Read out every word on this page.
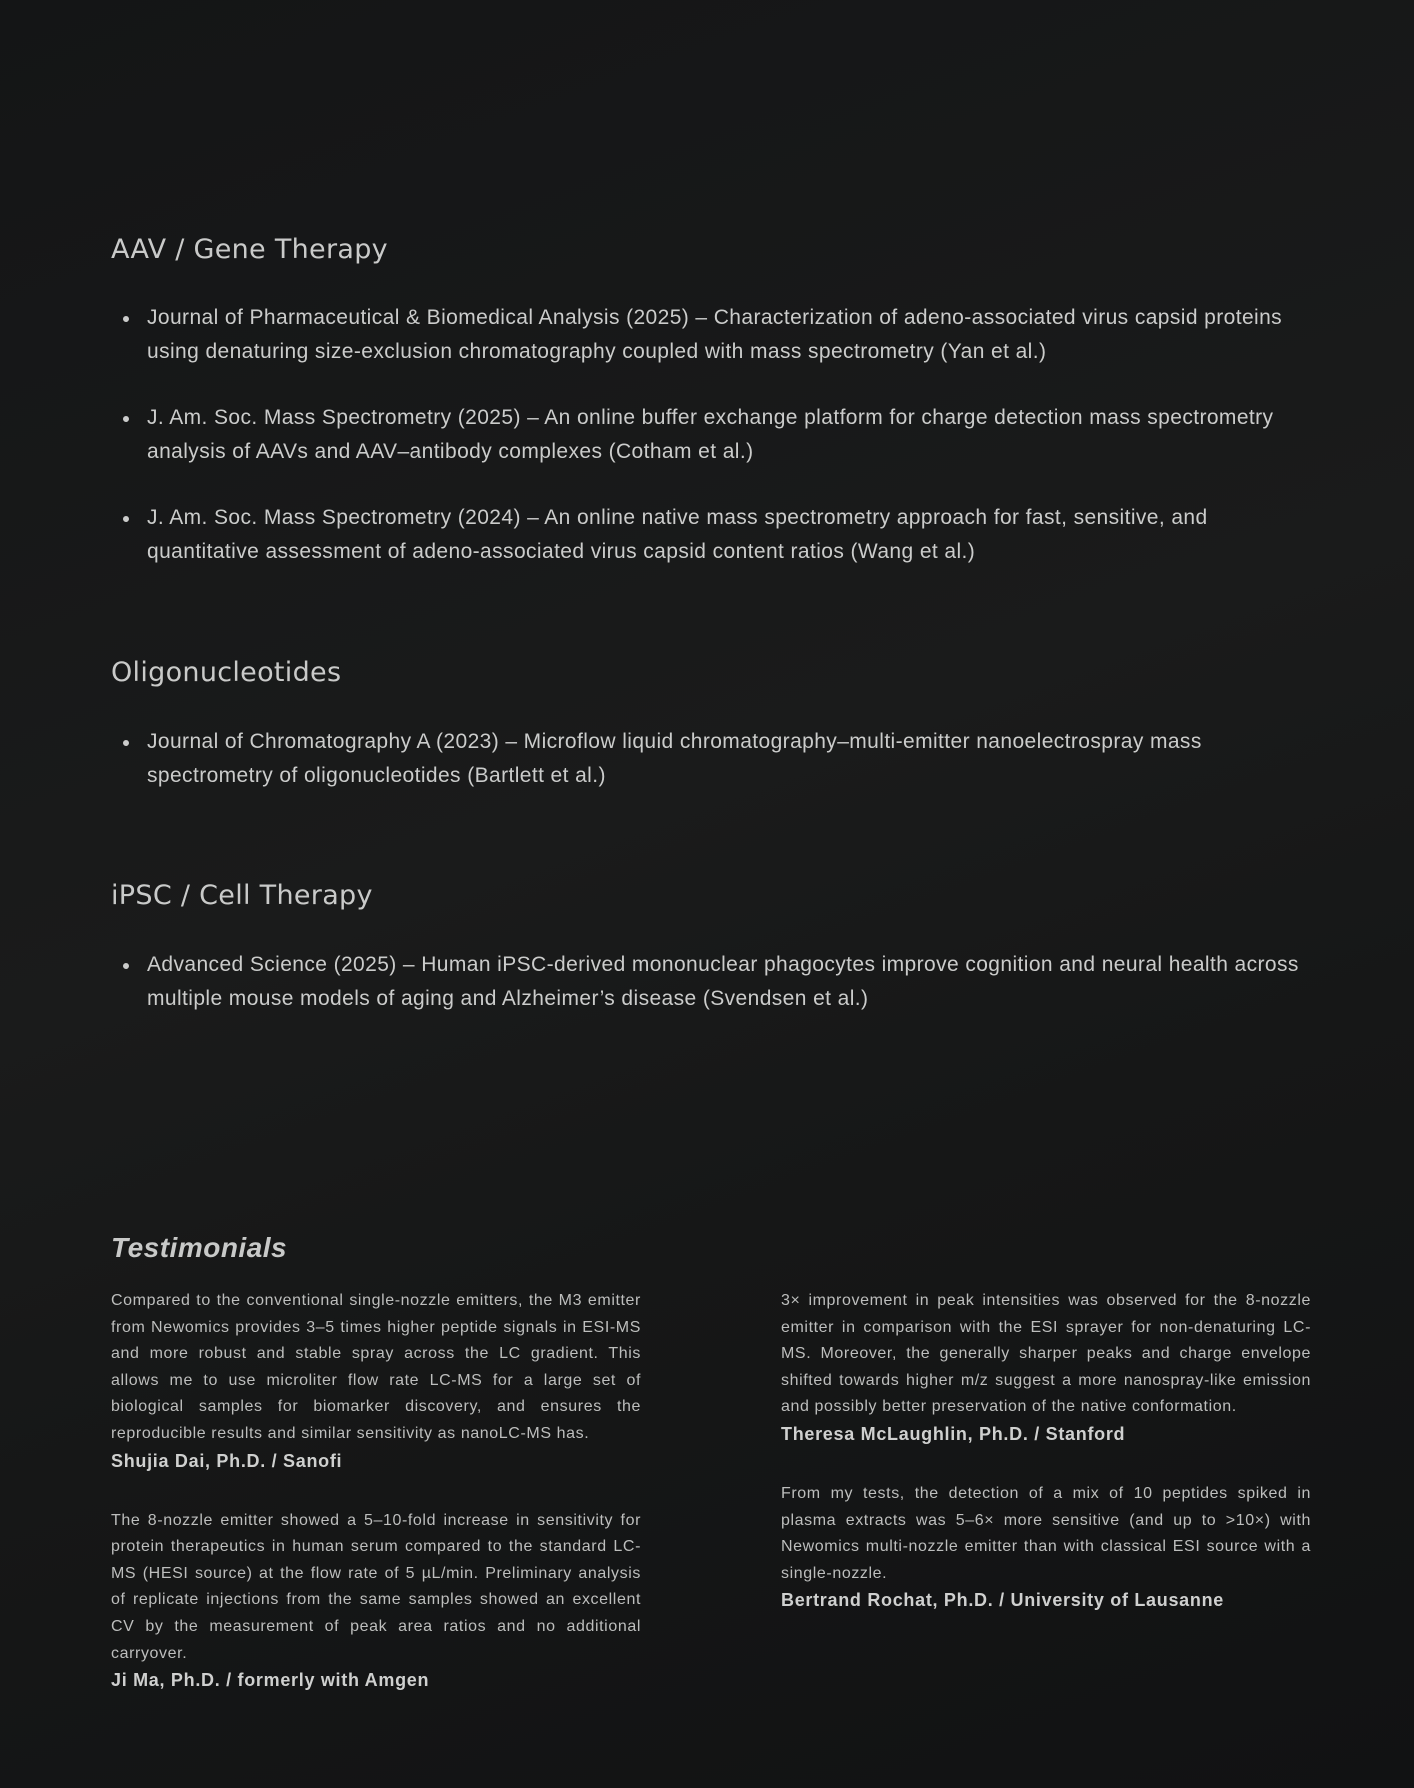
AAV / Gene Therapy
Journal of Pharmaceutical & Biomedical Analysis (2025) – Characterization of adeno-associated virus capsid proteins using denaturing size-exclusion chromatography coupled with mass spectrometry (Yan et al.)
J. Am. Soc. Mass Spectrometry (2025) – An online buffer exchange platform for charge detection mass spectrometry analysis of AAVs and AAV–antibody complexes (Cotham et al.)
J. Am. Soc. Mass Spectrometry (2024) – An online native mass spectrometry approach for fast, sensitive, and quantitative assessment of adeno-associated virus capsid content ratios (Wang et al.)
Oligonucleotides
Journal of Chromatography A (2023) – Microflow liquid chromatography–multi-emitter nanoelectrospray mass spectrometry of oligonucleotides (Bartlett et al.)
iPSC / Cell Therapy
Advanced Science (2025) – Human iPSC-derived mononuclear phagocytes improve cognition and neural health across multiple mouse models of aging and Alzheimer’s disease (Svendsen et al.)
Testimonials

Compared to the conventional single-nozzle emitters, the M3 emitter from Newomics provides 3–5 times higher peptide signals in ESI-MS and more robust and stable spray across the LC gradient. This allows me to use microliter flow rate LC-MS for a large set of biological samples for biomarker discovery, and ensures the reproducible results and similar sensitivity as nanoLC-MS has.

Shujia Dai, Ph.D. / Sanofi

The 8-nozzle emitter showed a 5–10-fold increase in sensitivity for protein therapeutics in human serum compared to the standard LC-MS (HESI source) at the flow rate of 5 µL/min. Preliminary analysis of replicate injections from the same samples showed an excellent CV by the measurement of peak area ratios and no additional carryover.

Ji Ma, Ph.D. / formerly with Amgen

3× improvement in peak intensities was observed for the 8-nozzle emitter in comparison with the ESI sprayer for non-denaturing LC-MS. Moreover, the generally sharper peaks and charge envelope shifted towards higher m/z suggest a more nanospray-like emission and possibly better preservation of the native conformation.

Theresa McLaughlin, Ph.D. / Stanford

From my tests, the detection of a mix of 10 peptides spiked in plasma extracts was 5–6× more sensitive (and up to >10×) with Newomics multi-nozzle emitter than with classical ESI source with a single-nozzle.

Bertrand Rochat, Ph.D. / University of Lausanne
